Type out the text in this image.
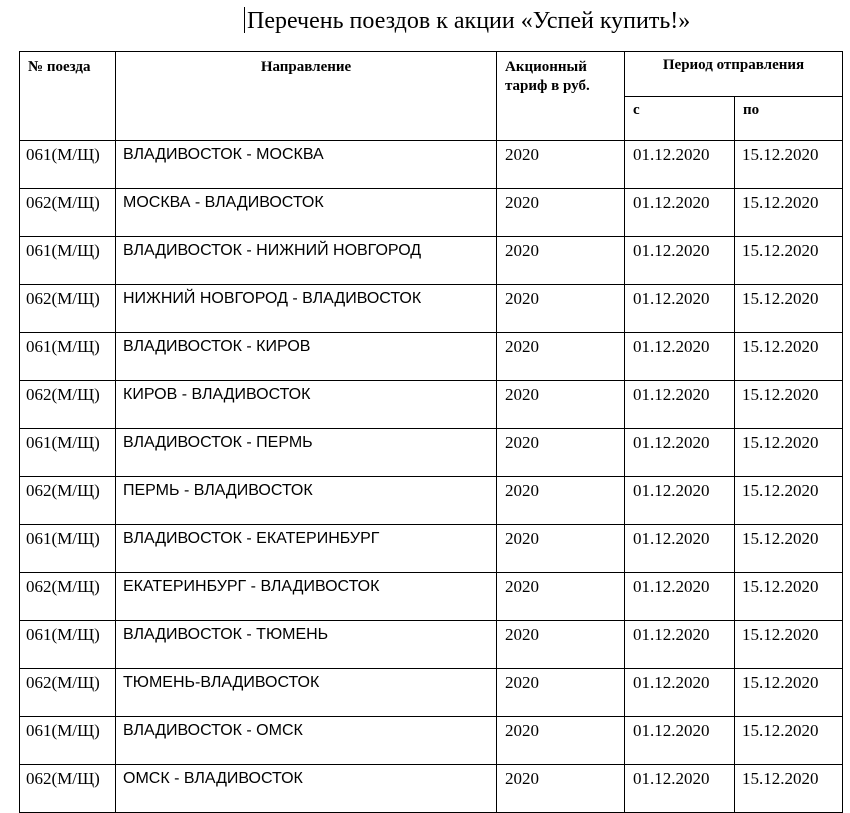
Перечень поездов к акции «Успей купить!»
№ поезда	Направление	Акционный тариф в руб.	Период отправления	
			с	по
061(М/Щ)	ВЛАДИВОСТОК - МОСКВА	2020	01.12.2020	15.12.2020
062(М/Щ)	МОСКВА - ВЛАДИВОСТОК	2020	01.12.2020	15.12.2020
061(М/Щ)	ВЛАДИВОСТОК - НИЖНИЙ НОВГОРОД	2020	01.12.2020	15.12.2020
062(М/Щ)	НИЖНИЙ НОВГОРОД - ВЛАДИВОСТОК	2020	01.12.2020	15.12.2020
061(М/Щ)	ВЛАДИВОСТОК - КИРОВ	2020	01.12.2020	15.12.2020
062(М/Щ)	КИРОВ - ВЛАДИВОСТОК	2020	01.12.2020	15.12.2020
061(М/Щ)	ВЛАДИВОСТОК - ПЕРМЬ	2020	01.12.2020	15.12.2020
062(М/Щ)	ПЕРМЬ - ВЛАДИВОСТОК	2020	01.12.2020	15.12.2020
061(М/Щ)	ВЛАДИВОСТОК - ЕКАТЕРИНБУРГ	2020	01.12.2020	15.12.2020
062(М/Щ)	ЕКАТЕРИНБУРГ - ВЛАДИВОСТОК	2020	01.12.2020	15.12.2020
061(М/Щ)	ВЛАДИВОСТОК - ТЮМЕНЬ	2020	01.12.2020	15.12.2020
062(М/Щ)	ТЮМЕНЬ-ВЛАДИВОСТОК	2020	01.12.2020	15.12.2020
061(М/Щ)	ВЛАДИВОСТОК - ОМСК	2020	01.12.2020	15.12.2020
062(М/Щ)	ОМСК - ВЛАДИВОСТОК	2020	01.12.2020	15.12.2020
